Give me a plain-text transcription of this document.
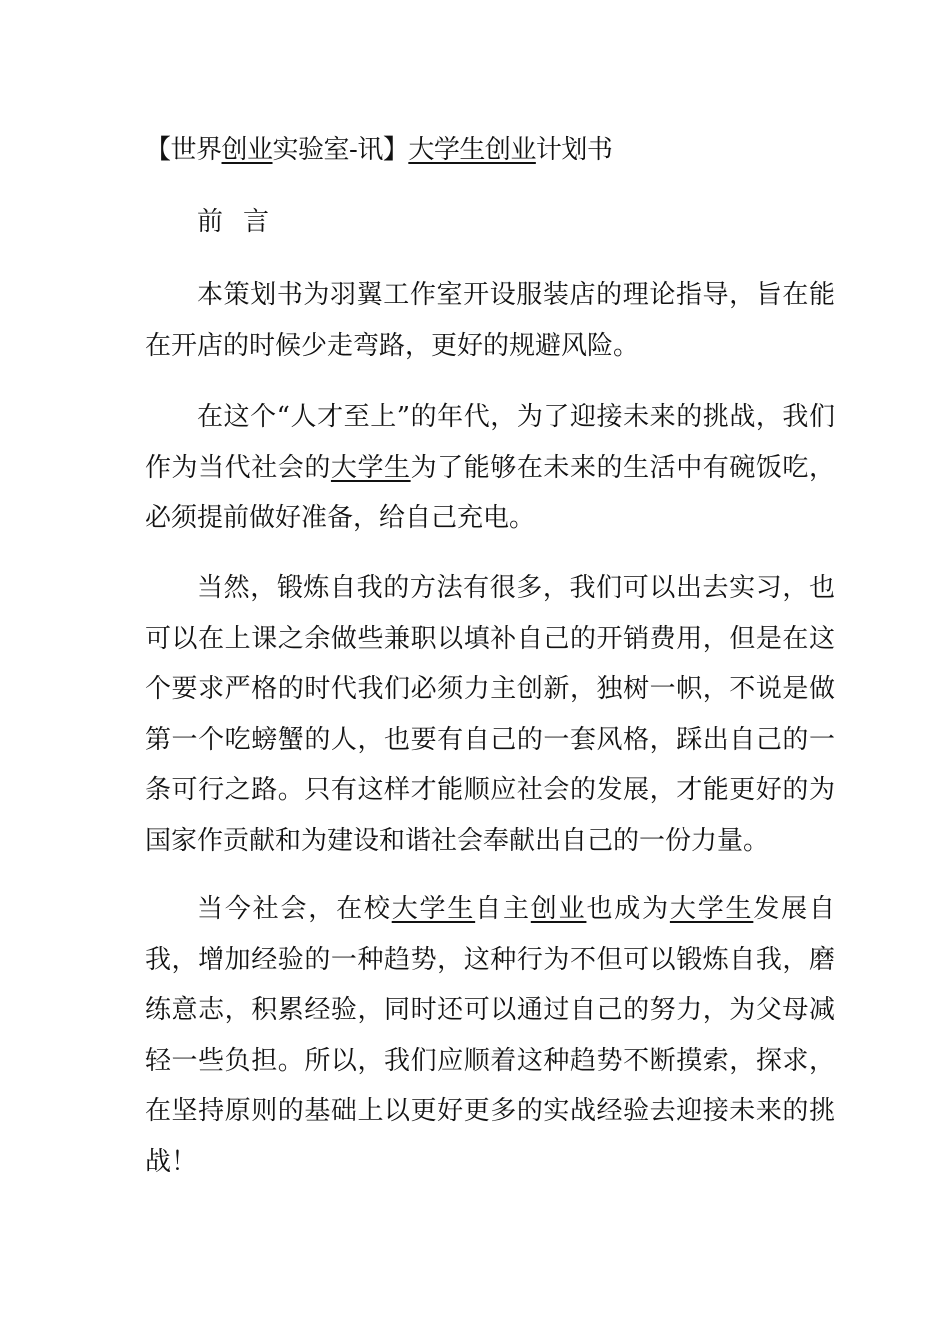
【世界创业实验室-讯】大学生创业计划书
前言

本策划书为羽翼工作室开设服装店的理论指导，旨在能在开店的时候少走弯路，更好的规避风险。

在这个“人才至上”的年代，为了迎接未来的挑战，我们作为当代社会的大学生为了能够在未来的生活中有碗饭吃，必须提前做好准备，给自己充电。

当然，锻炼自我的方法有很多，我们可以出去实习，也可以在上课之余做些兼职以填补自己的开销费用，但是在这个要求严格的时代我们必须力主创新，独树一帜，不说是做第一个吃螃蟹的人，也要有自己的一套风格，踩出自己的一条可行之路。只有这样才能顺应社会的发展，才能更好的为国家作贡献和为建设和谐社会奉献出自己的一份力量。

当今社会，在校大学生自主创业也成为大学生发展自我，增加经验的一种趋势，这种行为不但可以锻炼自我，磨练意志，积累经验，同时还可以通过自己的努力，为父母减轻一些负担。所以，我们应顺着这种趋势不断摸索，探求，在坚持原则的基础上以更好更多的实战经验去迎接未来的挑战！
